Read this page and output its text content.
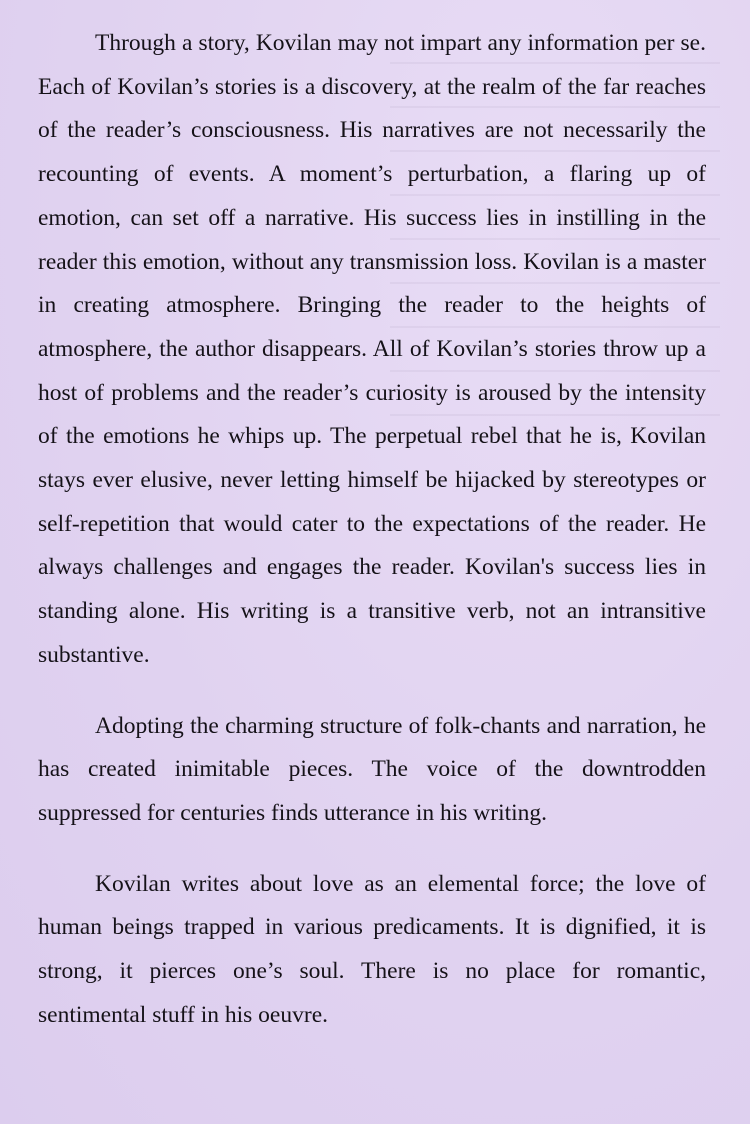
Through a story, Kovilan may not impart any information per se. Each of Kovilan’s stories is a discovery, at the realm of the far reaches of the reader’s consciousness. His narratives are not necessarily the recounting of events. A moment’s perturbation, a flaring up of emotion, can set off a narrative. His success lies in instilling in the reader this emotion, without any transmission loss. Kovilan is a master in creating atmosphere. Bringing the reader to the heights of atmosphere, the author disappears. All of Kovilan’s stories throw up a host of problems and the reader’s curiosity is aroused by the intensity of the emotions he whips up. The perpetual rebel that he is, Kovilan stays ever elusive, never letting himself be hijacked by stereotypes or self-repetition that would cater to the expectations of the reader. He always challenges and engages the reader. Kovilan's success lies in standing alone. His writing is a transitive verb, not an intransitive substantive.

Adopting the charming structure of folk-chants and narration, he has created inimitable pieces. The voice of the downtrodden suppressed for centuries finds utterance in his writing.

Kovilan writes about love as an elemental force; the love of human beings trapped in various predicaments. It is dignified, it is strong, it pierces one’s soul. There is no place for romantic, sentimental stuff in his oeuvre.
